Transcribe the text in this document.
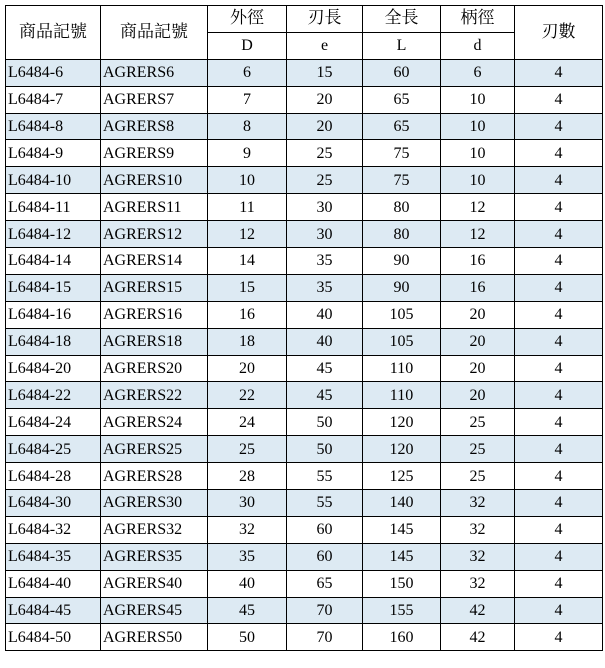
商品記號	商品記號	外徑	刃長	全長	柄徑	刃數
		D	e	L	d	
L6484-6	AGRERS6	6	15	60	6	4
L6484-7	AGRERS7	7	20	65	10	4
L6484-8	AGRERS8	8	20	65	10	4
L6484-9	AGRERS9	9	25	75	10	4
L6484-10	AGRERS10	10	25	75	10	4
L6484-11	AGRERS11	11	30	80	12	4
L6484-12	AGRERS12	12	30	80	12	4
L6484-14	AGRERS14	14	35	90	16	4
L6484-15	AGRERS15	15	35	90	16	4
L6484-16	AGRERS16	16	40	105	20	4
L6484-18	AGRERS18	18	40	105	20	4
L6484-20	AGRERS20	20	45	110	20	4
L6484-22	AGRERS22	22	45	110	20	4
L6484-24	AGRERS24	24	50	120	25	4
L6484-25	AGRERS25	25	50	120	25	4
L6484-28	AGRERS28	28	55	125	25	4
L6484-30	AGRERS30	30	55	140	32	4
L6484-32	AGRERS32	32	60	145	32	4
L6484-35	AGRERS35	35	60	145	32	4
L6484-40	AGRERS40	40	65	150	32	4
L6484-45	AGRERS45	45	70	155	42	4
L6484-50	AGRERS50	50	70	160	42	4
